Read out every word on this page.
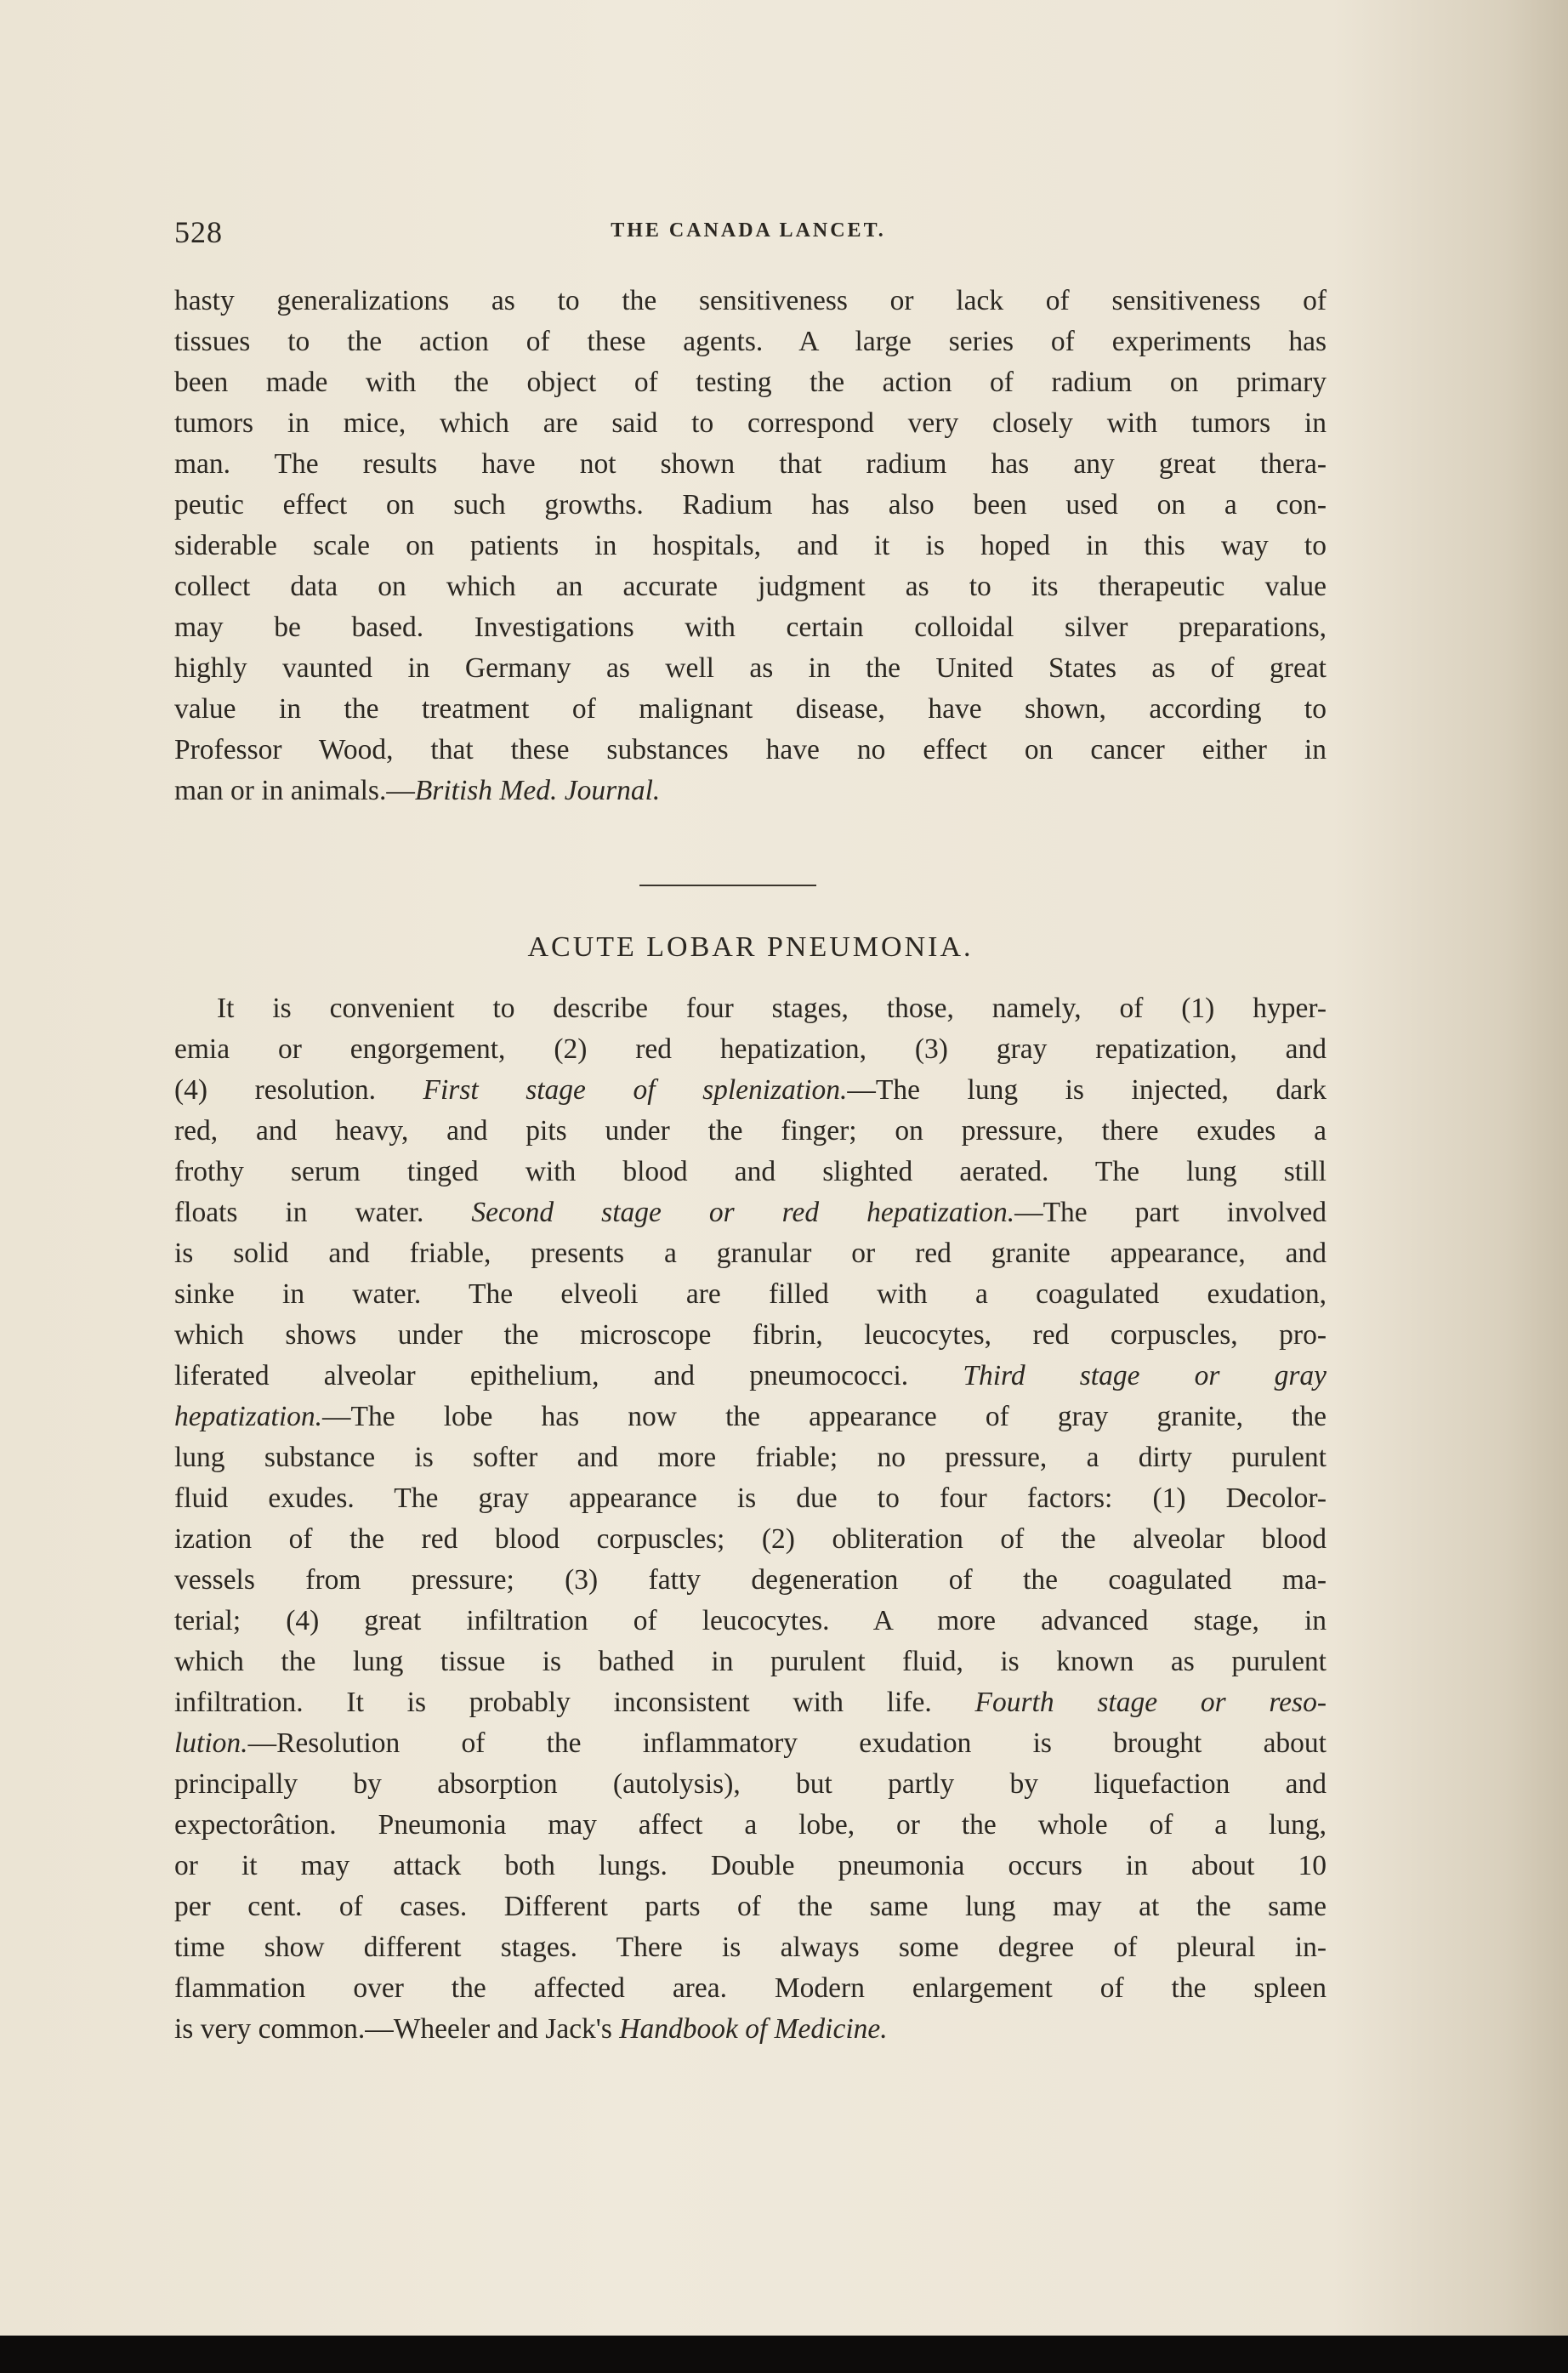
528	THE CANADA LANCET.
hasty generalizations as to the sensitiveness or lack of sensitiveness of
tissues to the action of these agents. A large series of experiments has
been made with the object of testing the action of radium on primary
tumors in mice, which are said to correspond very closely with tumors in
man. The results have not shown that radium has any great thera-
peutic effect on such growths. Radium has also been used on a con-
siderable scale on patients in hospitals, and it is hoped in this way to
collect data on which an accurate judgment as to its therapeutic value
may be based. Investigations with certain colloidal silver preparations,
highly vaunted in Germany as well as in the United States as of great
value in the treatment of malignant disease, have shown, according to
Professor Wood, that these substances have no effect on cancer either in
man or in animals.—British Med. Journal.
ACUTE LOBAR PNEUMONIA.
It is convenient to describe four stages, those, namely, of (1) hyper-
emia or engorgement, (2) red hepatization, (3) gray repatization, and
(4) resolution. First stage of splenization.—The lung is injected, dark
red, and heavy, and pits under the finger; on pressure, there exudes a
frothy serum tinged with blood and slighted aerated. The lung still
floats in water. Second stage or red hepatization.—The part involved
is solid and friable, presents a granular or red granite appearance, and
sinke in water. The elveoli are filled with a coagulated exudation,
which shows under the microscope fibrin, leucocytes, red corpuscles, pro-
liferated alveolar epithelium, and pneumococci. Third stage or gray
hepatization.—The lobe has now the appearance of gray granite, the
lung substance is softer and more friable; no pressure, a dirty purulent
fluid exudes. The gray appearance is due to four factors: (1) Decolor-
ization of the red blood corpuscles; (2) obliteration of the alveolar blood
vessels from pressure; (3) fatty degeneration of the coagulated ma-
terial; (4) great infiltration of leucocytes. A more advanced stage, in
which the lung tissue is bathed in purulent fluid, is known as purulent
infiltration. It is probably inconsistent with life. Fourth stage or reso-
lution.—Resolution of the inflammatory exudation is brought about
principally by absorption (autolysis), but partly by liquefaction and
expectorâtion. Pneumonia may affect a lobe, or the whole of a lung,
or it may attack both lungs. Double pneumonia occurs in about 10
per cent. of cases. Different parts of the same lung may at the same
time show different stages. There is always some degree of pleural in-
flammation over the affected area. Modern enlargement of the spleen
is very common.—Wheeler and Jack's Handbook of Medicine.
